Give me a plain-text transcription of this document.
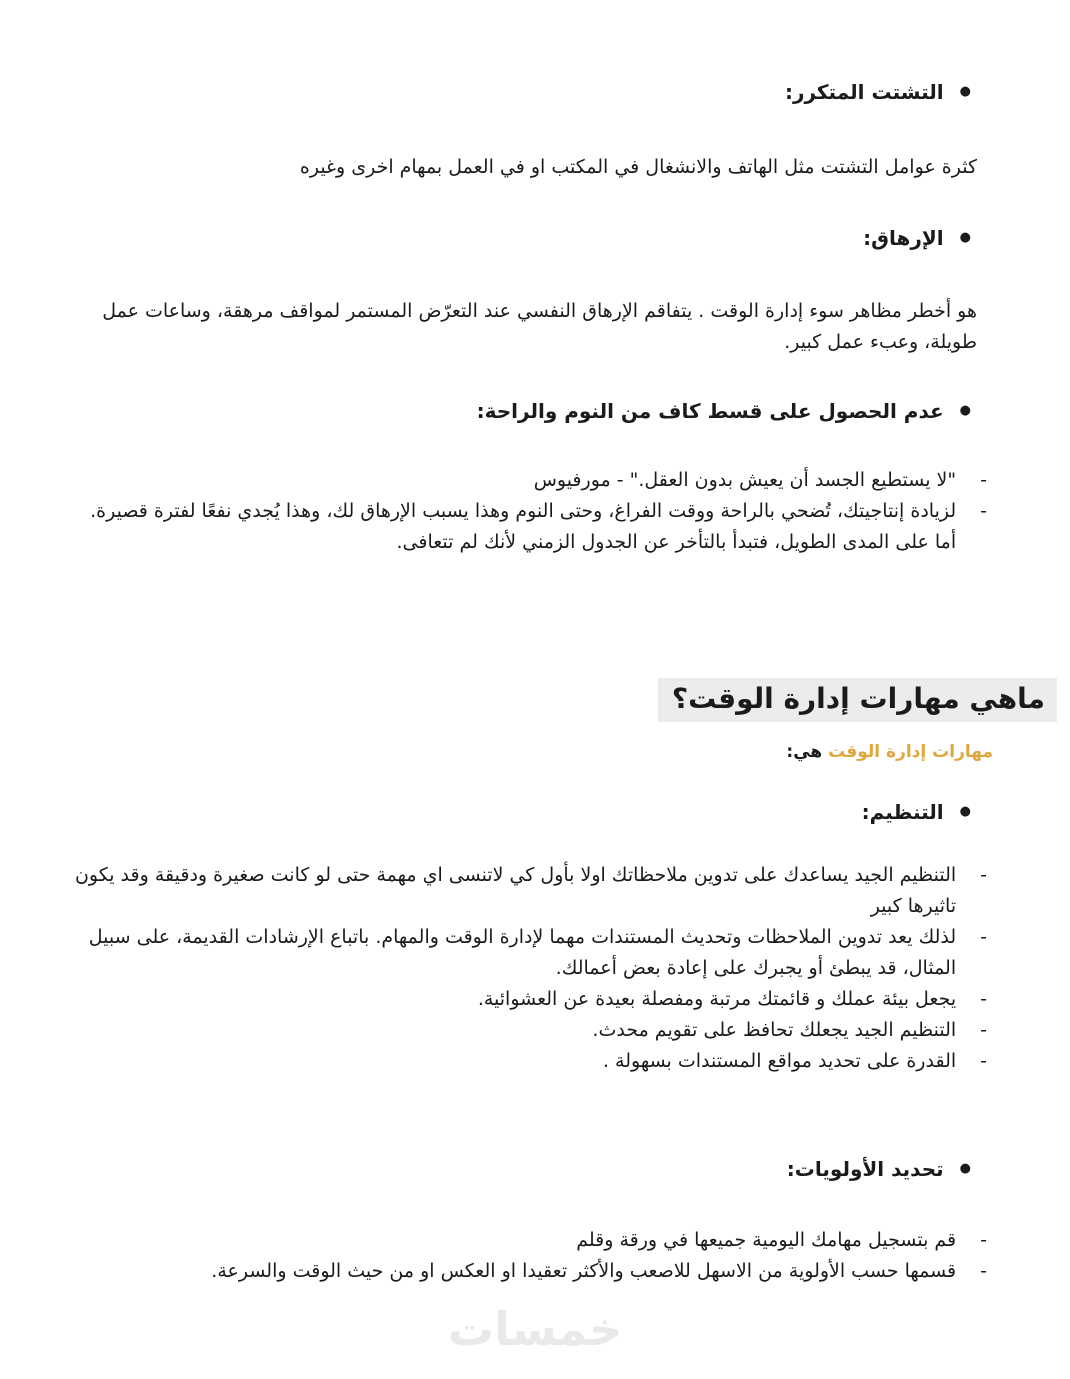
●
التشتت المتكرر:

كثرة عوامل التشتت مثل الهاتف والانشغال في المكتب او في العمل بمهام اخرى وغيره

●
الإرهاق:

هو أخطر مظاهر سوء إدارة الوقت . يتفاقم الإرهاق النفسي عند التعرّض المستمر لمواقف مرهقة، وساعات عمل طويلة، وعبء عمل كبير.

●
عدم الحصول على قسط كاف من النوم والراحة:
-
"لا يستطيع الجسد أن يعيش بدون العقل." - مورفيوس
-
لزيادة إنتاجيتك، تُضحي بالراحة ووقت الفراغ، وحتى النوم وهذا يسبب الإرهاق لك، وهذا يُجدي نفعًا لفترة قصيرة. أما على المدى الطويل، فتبدأ بالتأخر عن الجدول الزمني لأنك لم تتعافى.
ماهي مهارات إدارة الوقت؟
مهارات إدارة الوقت هي:
●
التنظيم:
-
التنظيم الجيد يساعدك على تدوين ملاحظاتك اولا بأول كي لاتنسى اي مهمة حتى لو كانت صغيرة ودقيقة وقد يكون تاثيرها كبير
-
لذلك يعد تدوين الملاحظات وتحديث المستندات مهما لإدارة الوقت والمهام. باتباع الإرشادات القديمة، على سبيل المثال، قد يبطئ أو يجبرك على إعادة بعض أعمالك.
-
يجعل بيئة عملك و قائمتك مرتبة ومفصلة بعيدة عن العشوائية.
-
التنظيم الجيد يجعلك تحافظ على تقويم محدث.
-
القدرة على تحديد مواقع المستندات بسهولة .
●
تحديد الأولويات:
-
قم بتسجيل مهامك اليومية جميعها في ورقة وقلم
-
قسمها حسب الأولوية من الاسهل للاصعب والأكثر تعقيدا او العكس او من حيث الوقت والسرعة.
خمسات
